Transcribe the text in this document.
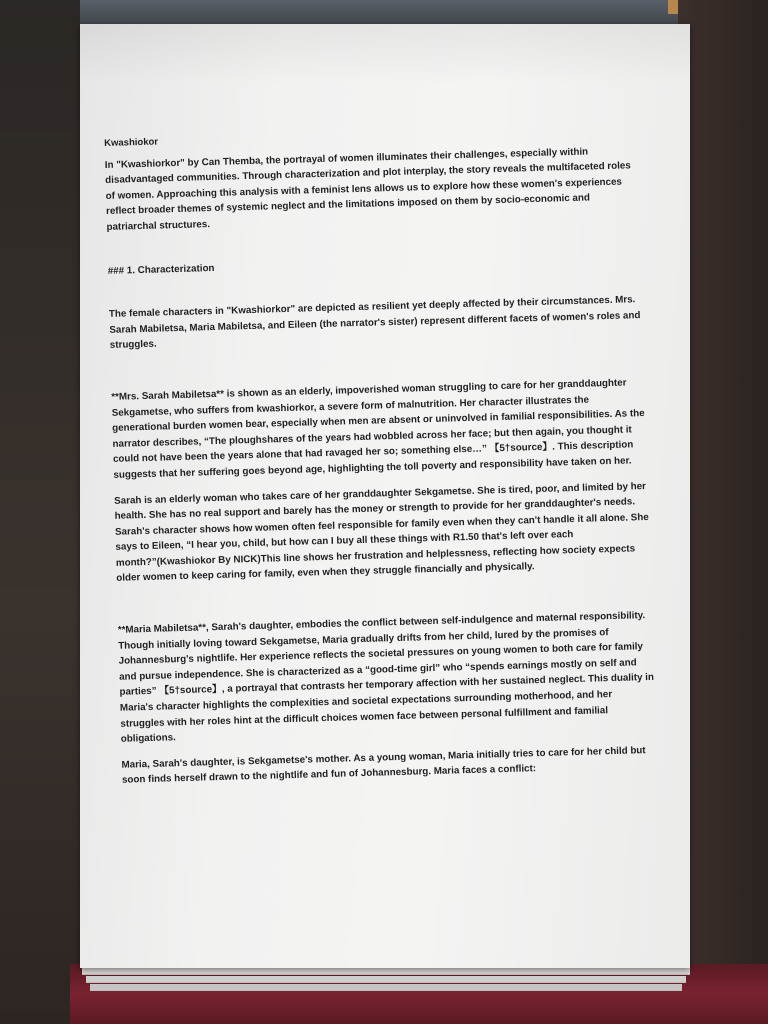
Kwashiokor

In "Kwashiorkor" by Can Themba, the portrayal of women illuminates their challenges, especially within disadvantaged communities. Through characterization and plot interplay, the story reveals the multifaceted roles of women. Approaching this analysis with a feminist lens allows us to explore how these women's experiences reflect broader themes of systemic neglect and the limitations imposed on them by socio-economic and patriarchal structures.

### 1. Characterization

The female characters in "Kwashiorkor" are depicted as resilient yet deeply affected by their circumstances. Mrs. Sarah Mabiletsa, Maria Mabiletsa, and Eileen (the narrator's sister) represent different facets of women's roles and struggles.

**Mrs. Sarah Mabiletsa** is shown as an elderly, impoverished woman struggling to care for her granddaughter Sekgametse, who suffers from kwashiorkor, a severe form of malnutrition. Her character illustrates the generational burden women bear, especially when men are absent or uninvolved in familial responsibilities. As the narrator describes, “The ploughshares of the years had wobbled across her face; but then again, you thought it could not have been the years alone that had ravaged her so; something else…” 【5†source】. This description suggests that her suffering goes beyond age, highlighting the toll poverty and responsibility have taken on her.

Sarah is an elderly woman who takes care of her granddaughter Sekgametse. She is tired, poor, and limited by her health. She has no real support and barely has the money or strength to provide for her granddaughter's needs. Sarah's character shows how women often feel responsible for family even when they can't handle it all alone. She says to Eileen, “I hear you, child, but how can I buy all these things with R1.50 that's left over each month?”(Kwashiokor By NICK)This line shows her frustration and helplessness, reflecting how society expects older women to keep caring for family, even when they struggle financially and physically.

**Maria Mabiletsa**, Sarah's daughter, embodies the conflict between self-indulgence and maternal responsibility. Though initially loving toward Sekgametse, Maria gradually drifts from her child, lured by the promises of Johannesburg's nightlife. Her experience reflects the societal pressures on young women to both care for family and pursue independence. She is characterized as a “good-time girl” who “spends earnings mostly on self and parties” 【5†source】, a portrayal that contrasts her temporary affection with her sustained neglect. This duality in Maria's character highlights the complexities and societal expectations surrounding motherhood, and her struggles with her roles hint at the difficult choices women face between personal fulfillment and familial obligations.

Maria, Sarah's daughter, is Sekgametse's mother. As a young woman, Maria initially tries to care for her child but soon finds herself drawn to the nightlife and fun of Johannesburg. Maria faces a conflict:
